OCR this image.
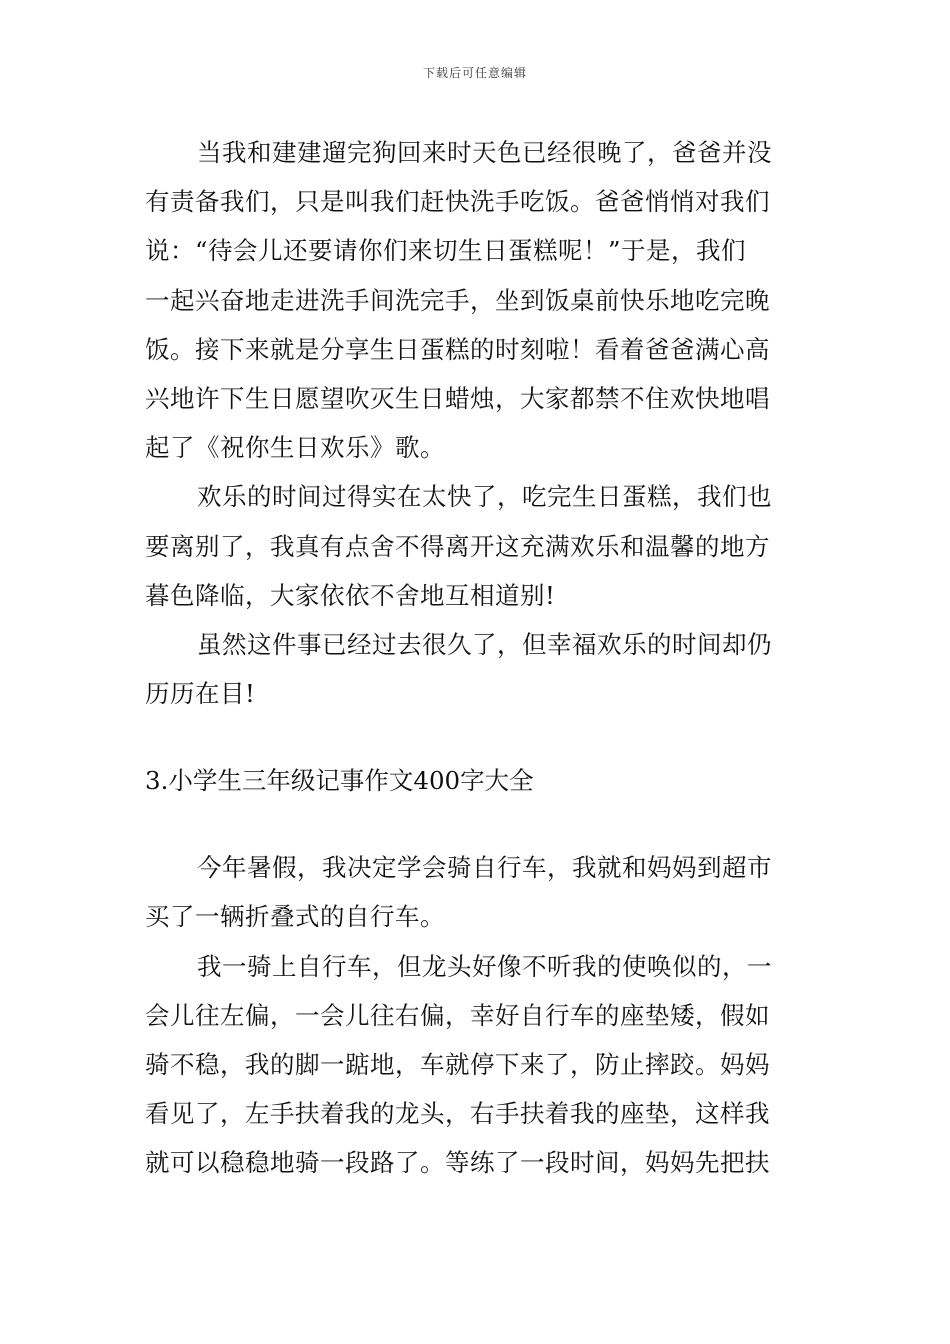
下载后可任意编辑
当我和建建遛完狗回来时天色已经很晚了，爸爸并没
有责备我们，只是叫我们赶快洗手吃饭。爸爸悄悄对我们
说：“待会儿还要请你们来切生日蛋糕呢！”于是，我们
一起兴奋地走进洗手间洗完手，坐到饭桌前快乐地吃完晚
饭。接下来就是分享生日蛋糕的时刻啦！看着爸爸满心高
兴地许下生日愿望吹灭生日蜡烛，大家都禁不住欢快地唱
起了《祝你生日欢乐》歌。
欢乐的时间过得实在太快了，吃完生日蛋糕，我们也
要离别了，我真有点舍不得离开这充满欢乐和温馨的地方
暮色降临，大家依依不舍地互相道别!
虽然这件事已经过去很久了，但幸福欢乐的时间却仍
历历在目!
3.小学生三年级记事作文400字大全
今年暑假，我决定学会骑自行车，我就和妈妈到超市
买了一辆折叠式的自行车。
我一骑上自行车，但龙头好像不听我的使唤似的，一
会儿往左偏，一会儿往右偏，幸好自行车的座垫矮，假如
骑不稳，我的脚一踮地，车就停下来了，防止摔跤。妈妈
看见了，左手扶着我的龙头，右手扶着我的座垫，这样我
就可以稳稳地骑一段路了。等练了一段时间，妈妈先把扶
